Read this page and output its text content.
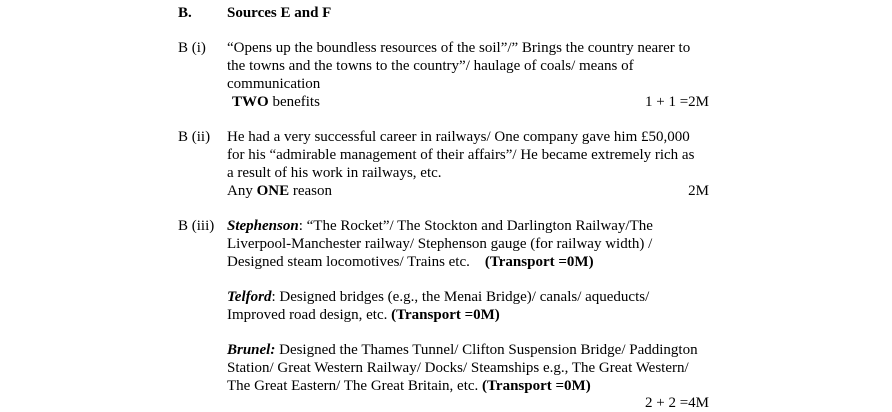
B. Sources E and F
B (i) “Opens up the boundless resources of the soil”/” Brings the country nearer to
the towns and the towns to the country”/ haulage of coals/ means of
communication
TWO benefits	1 + 1 =2M
B (ii) He had a very successful career in railways/ One company gave him £50,000
for his “admirable management of their affairs”/ He became extremely rich as
a result of his work in railways, etc.
Any ONE reason	2M
B (iii) Stephenson: “The Rocket”/ The Stockton and Darlington Railway/The
Liverpool-Manchester railway/ Stephenson gauge (for railway width) /
Designed steam locomotives/ Trains etc. (Transport =0M)
Telford: Designed bridges (e.g., the Menai Bridge)/ canals/ aqueducts/
Improved road design, etc. (Transport =0M)
Brunel: Designed the Thames Tunnel/ Clifton Suspension Bridge/ Paddington
Station/ Great Western Railway/ Docks/ Steamships e.g., The Great Western/
The Great Eastern/ The Great Britain, etc. (Transport =0M)
2 + 2 =4M
